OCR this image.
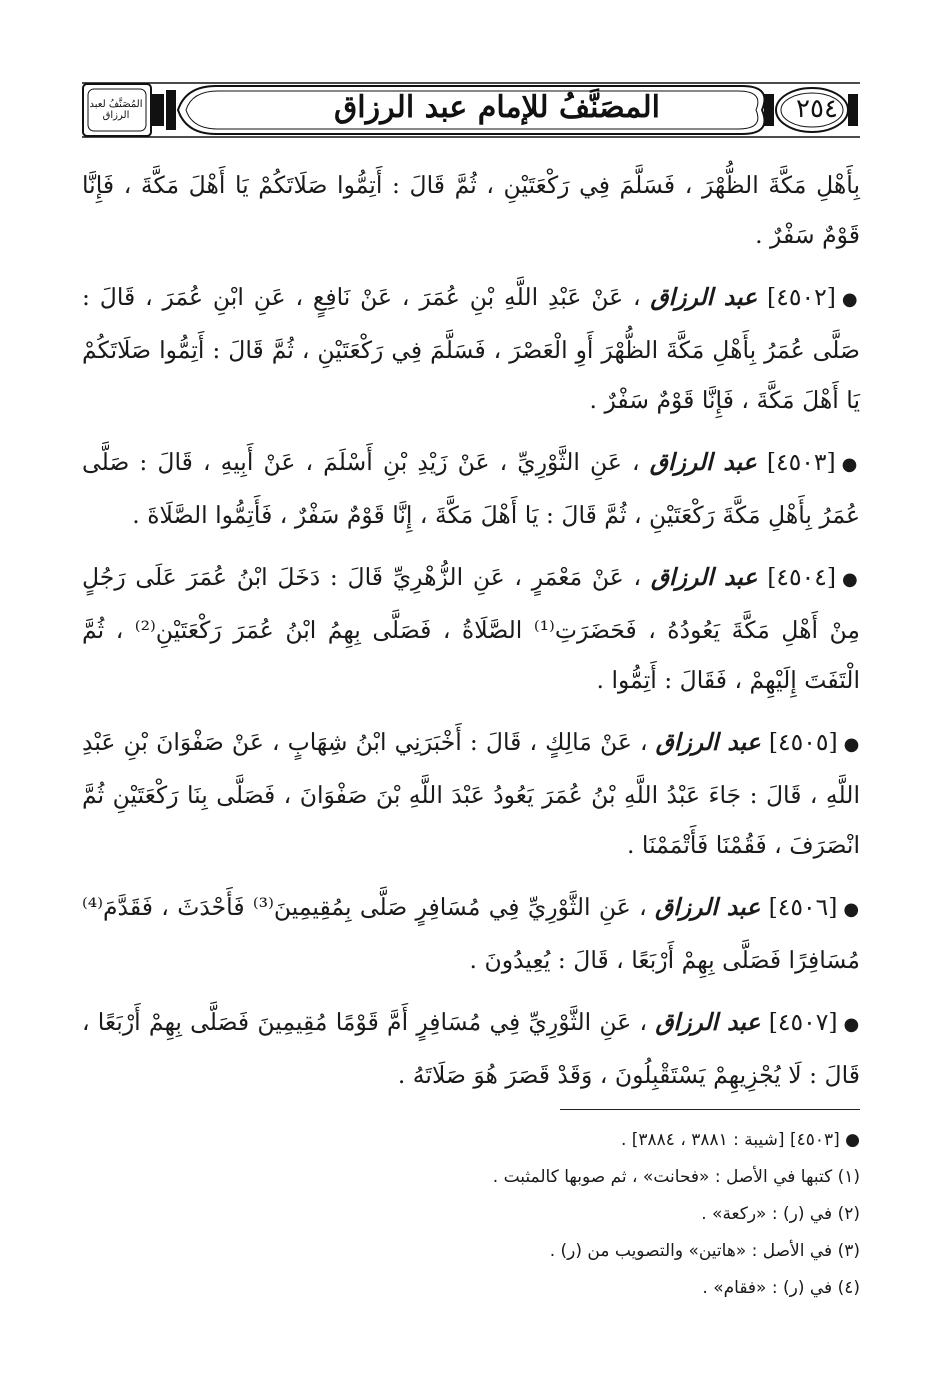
المُصَنَّفُ لعبد الرزاق	المصَنَّفُ للإمام عبد الرزاق	٢٥٤

بِأَهْلِ مَكَّةَ الظُّهْرَ ، فَسَلَّمَ فِي رَكْعَتَيْنِ ، ثُمَّ قَالَ : أَتِمُّوا صَلَاتَكُمْ يَا أَهْلَ مَكَّةَ ، فَإِنَّا قَوْمٌ سَفْرٌ .

●[٤٥٠٢] عبد الرزاق ، عَنْ عَبْدِ اللَّهِ بْنِ عُمَرَ ، عَنْ نَافِعٍ ، عَنِ ابْنِ عُمَرَ ، قَالَ : صَلَّى عُمَرُ بِأَهْلِ مَكَّةَ الظُّهْرَ أَوِ الْعَصْرَ ، فَسَلَّمَ فِي رَكْعَتَيْنِ ، ثُمَّ قَالَ : أَتِمُّوا صَلَاتَكُمْ يَا أَهْلَ مَكَّةَ ، فَإِنَّا قَوْمٌ سَفْرٌ .

●[٤٥٠٣] عبد الرزاق ، عَنِ الثَّوْرِيِّ ، عَنْ زَيْدِ بْنِ أَسْلَمَ ، عَنْ أَبِيهِ ، قَالَ : صَلَّى عُمَرُ بِأَهْلِ مَكَّةَ رَكْعَتَيْنِ ، ثُمَّ قَالَ : يَا أَهْلَ مَكَّةَ ، إِنَّا قَوْمٌ سَفْرٌ ، فَأَتِمُّوا الصَّلَاةَ .

●[٤٥٠٤] عبد الرزاق ، عَنْ مَعْمَرٍ ، عَنِ الزُّهْرِيِّ قَالَ : دَخَلَ ابْنُ عُمَرَ عَلَى رَجُلٍ مِنْ أَهْلِ مَكَّةَ يَعُودُهُ ، فَحَضَرَتِ⁽¹⁾ الصَّلَاةُ ، فَصَلَّى بِهِمُ ابْنُ عُمَرَ رَكْعَتَيْنِ⁽²⁾ ، ثُمَّ الْتَفَتَ إِلَيْهِمْ ، فَقَالَ : أَتِمُّوا .

●[٤٥٠٥] عبد الرزاق ، عَنْ مَالِكٍ ، قَالَ : أَخْبَرَنِي ابْنُ شِهَابٍ ، عَنْ صَفْوَانَ بْنِ عَبْدِ اللَّهِ ، قَالَ : جَاءَ عَبْدُ اللَّهِ بْنُ عُمَرَ يَعُودُ عَبْدَ اللَّهِ بْنَ صَفْوَانَ ، فَصَلَّى بِنَا رَكْعَتَيْنِ ثُمَّ انْصَرَفَ ، فَقُمْنَا فَأَتْمَمْنَا .

●[٤٥٠٦] عبد الرزاق ، عَنِ الثَّوْرِيِّ فِي مُسَافِرٍ صَلَّى بِمُقِيمِينَ⁽³⁾ فَأَحْدَثَ ، فَقَدَّمَ⁽⁴⁾ مُسَافِرًا فَصَلَّى بِهِمْ أَرْبَعًا ، قَالَ : يُعِيدُونَ .

●[٤٥٠٧] عبد الرزاق ، عَنِ الثَّوْرِيِّ فِي مُسَافِرٍ أَمَّ قَوْمًا مُقِيمِينَ فَصَلَّى بِهِمْ أَرْبَعًا ، قَالَ : لَا يُجْزِيهِمْ يَسْتَقْبِلُونَ ، وَقَدْ قَصَرَ هُوَ صَلَاتَهُ .

● [٤٥٠٣] [شيبة : ٣٨٨١ ، ٣٨٨٤] .

(١) كتبها في الأصل : «فحانت» ، ثم صوبها كالمثبت .

(٢) في (ر) : «ركعة» .

(٣) في الأصل : «هاتين» والتصويب من (ر) .

(٤) في (ر) : «فقام» .
